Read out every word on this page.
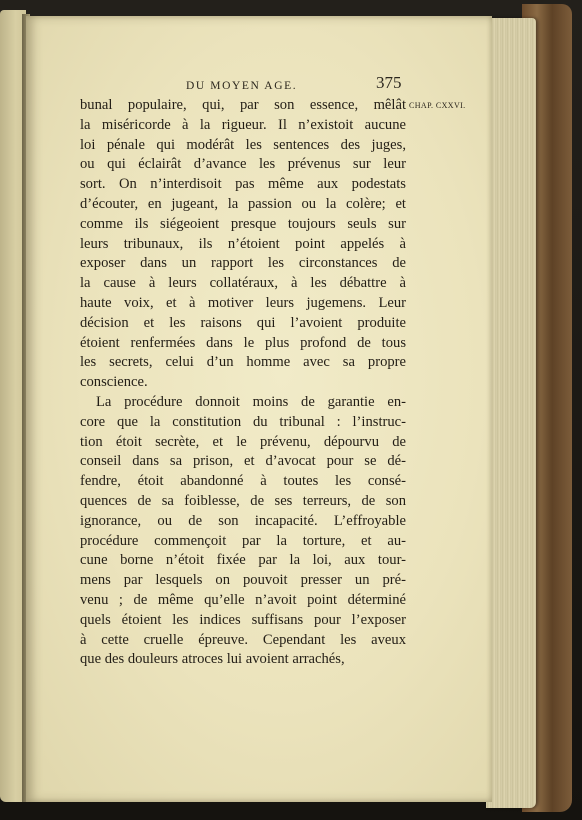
DU MOYEN AGE.	375
CHAP. CXXVI.
bunal populaire, qui, par son essence, mêlât
la miséricorde à la rigueur. Il n’existoit aucune
loi pénale qui modérât les sentences des juges,
ou qui éclairât d’avance les prévenus sur leur
sort. On n’interdisoit pas même aux podestats
d’écouter, en jugeant, la passion ou la colère; et
comme ils siégeoient presque toujours seuls sur
leurs tribunaux, ils n’étoient point appelés à
exposer dans un rapport les circonstances de
la cause à leurs collatéraux, à les débattre à
haute voix, et à motiver leurs jugemens. Leur
décision et les raisons qui l’avoient produite
étoient renfermées dans le plus profond de tous
les secrets, celui d’un homme avec sa propre
conscience.
La procédure donnoit moins de garantie en-
core que la constitution du tribunal : l’instruc-
tion étoit secrète, et le prévenu, dépourvu de
conseil dans sa prison, et d’avocat pour se dé-
fendre, étoit abandonné à toutes les consé-
quences de sa foiblesse, de ses terreurs, de son
ignorance, ou de son incapacité. L’effroyable
procédure commençoit par la torture, et au-
cune borne n’étoit fixée par la loi, aux tour-
mens par lesquels on pouvoit presser un pré-
venu ; de même qu’elle n’avoit point déterminé
quels étoient les indices suffisans pour l’exposer
à cette cruelle épreuve. Cependant les aveux
que des douleurs atroces lui avoient arrachés,
